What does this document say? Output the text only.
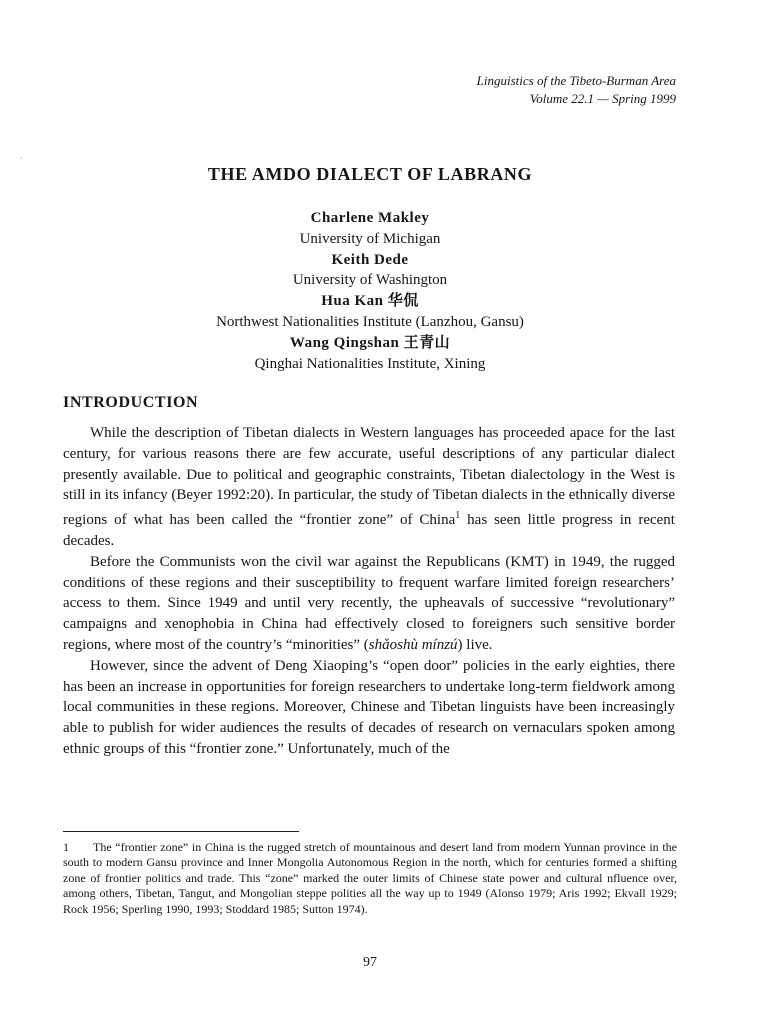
ʻ
Linguistics of the Tibeto-Burman Area
Volume 22.1 — Spring 1999
THE AMDO DIALECT OF LABRANG
Charlene Makley
University of Michigan
Keith Dede
University of Washington
Hua Kan 华侃
Northwest Nationalities Institute (Lanzhou, Gansu)
Wang Qingshan 王青山
Qinghai Nationalities Institute, Xining
INTRODUCTION

While the description of Tibetan dialects in Western languages has proceeded apace for the last century, for various reasons there are few accurate, useful descriptions of any particular dialect presently available. Due to political and geographic constraints, Tibetan dialectology in the West is still in its infancy (Beyer 1992:20). In particular, the study of Tibetan dialects in the ethnically diverse regions of what has been called the “frontier zone” of China$^1$ has seen little progress in recent decades.

Before the Communists won the civil war against the Republicans (KMT) in 1949, the rugged conditions of these regions and their susceptibility to frequent warfare limited foreign researchers’ access to them. Since 1949 and until very recently, the upheavals of successive “revolutionary” campaigns and xenophobia in China had effectively closed to foreigners such sensitive border regions, where most of the country’s “minorities” (shǎoshù mínzú) live.

However, since the advent of Deng Xiaoping’s “open door” policies in the early eighties, there has been an increase in opportunities for foreign researchers to undertake long-term fieldwork among local communities in these regions. Moreover, Chinese and Tibetan linguists have been increasingly able to publish for wider audiences the results of decades of research on vernaculars spoken among ethnic groups of this “frontier zone.” Unfortunately, much of the

1 The “frontier zone” in China is the rugged stretch of mountainous and desert land from modern Yunnan province in the south to modern Gansu province and Inner Mongolia Autonomous Region in the north, which for centuries formed a shifting zone of frontier politics and trade. This “zone” marked the outer limits of Chinese state power and cultural nfluence over, among others, Tibetan, Tangut, and Mongolian steppe polities all the way up to 1949 (Alonso 1979; Aris 1992; Ekvall 1929; Rock 1956; Sperling 1990, 1993; Stoddard 1985; Sutton 1974).
97
